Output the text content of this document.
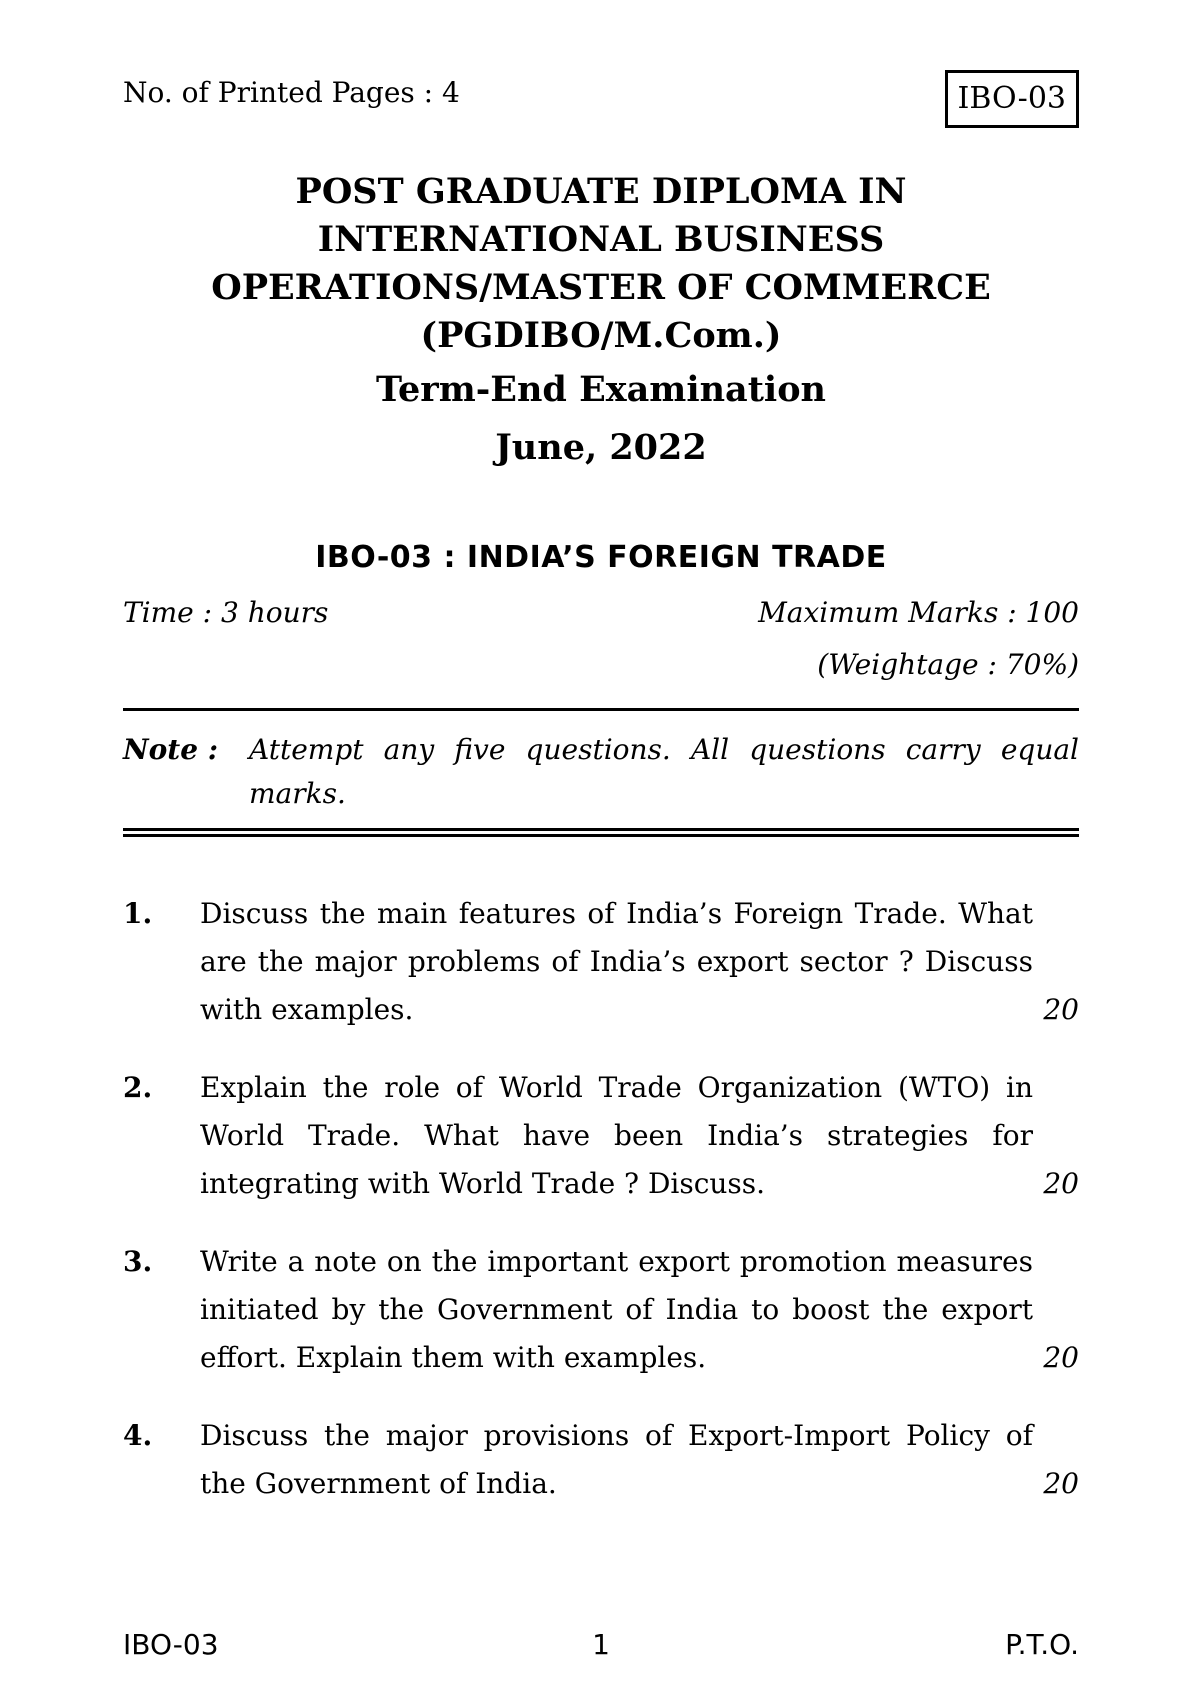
No. of Printed Pages : 4	IBO-03
POST GRADUATE DIPLOMA IN
INTERNATIONAL BUSINESS
OPERATIONS/MASTER OF COMMERCE
(PGDIBO/M.Com.)
Term-End Examination
June, 2022
IBO-03 : INDIA’S FOREIGN TRADE
Time : 3 hours	Maximum Marks : 100
(Weightage : 70%)
Note : Attempt any five questions. All questions carry equal marks.
1. Discuss the main features of India’s Foreign Trade. What are the major problems of India’s export sector ? Discuss with examples.	20
2. Explain the role of World Trade Organization (WTO) in World Trade. What have been India’s strategies for integrating with World Trade ? Discuss.	20
3. Write a note on the important export promotion measures initiated by the Government of India to boost the export effort. Explain them with examples.	20
4. Discuss the major provisions of Export-Import Policy of the Government of India.	20
IBO-03	1	P.T.O.
